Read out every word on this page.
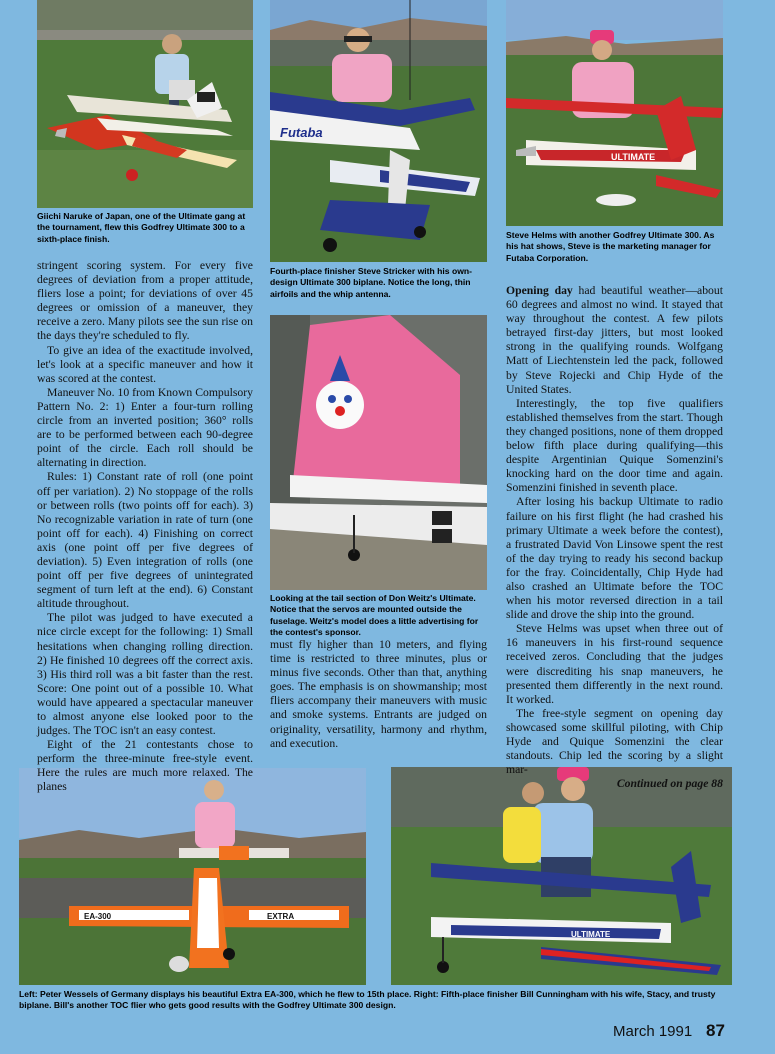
Futaba
ULTIMATE
EA-300	EXTRA
ULTIMATE
Giichi Naruke of Japan, one of the Ultimate gang at the tournament, flew this Godfrey Ultimate 300 to a sixth-place finish.
Fourth-place finisher Steve Stricker with his own-design Ultimate 300 biplane. Notice the long, thin airfoils and the whip antenna.
Steve Helms with another Godfrey Ultimate 300. As his hat shows, Steve is the marketing manager for Futaba Corporation.
Looking at the tail section of Don Weitz's Ultimate. Notice that the servos are mounted outside the fuselage. Weitz's model does a little advertising for the contest's sponsor.
Left: Peter Wessels of Germany displays his beautiful Extra EA-300, which he flew to 15th place. Right: Fifth-place finisher Bill Cunningham with his wife, Stacy, and trusty biplane. Bill's another TOC flier who gets good results with the Godfrey Ultimate 300 design.

stringent scoring system. For every five degrees of deviation from a proper attitude, fliers lose a point; for deviations of over 45 degrees or omission of a maneuver, they receive a zero. Many pilots see the sun rise on the days they're scheduled to fly.

To give an idea of the exactitude involved, let's look at a specific maneuver and how it was scored at the contest.

Maneuver No. 10 from Known Compulsory Pattern No. 2: 1) Enter a four-turn rolling circle from an inverted position; 360° rolls are to be performed between each 90-degree point of the circle. Each roll should be alternating in direction.

Rules: 1) Constant rate of roll (one point off per variation). 2) No stoppage of the rolls or between rolls (two points off for each). 3) No recognizable variation in rate of turn (one point off for each). 4) Finishing on correct axis (one point off per five degrees of deviation). 5) Even integration of rolls (one point off per five degrees of unintegrated segment of turn left at the end). 6) Constant altitude throughout.

The pilot was judged to have executed a nice circle except for the following: 1) Small hesitations when changing rolling direction. 2) He finished 10 degrees off the correct axis. 3) His third roll was a bit faster than the rest. Score: One point out of a possible 10. What would have appeared a spectacular maneuver to almost anyone else looked poor to the judges. The TOC isn't an easy contest.

Eight of the 21 contestants chose to perform the three-minute free-style event. Here the rules are much more relaxed. The planes

must fly higher than 10 meters, and flying time is restricted to three minutes, plus or minus five seconds. Other than that, anything goes. The emphasis is on showmanship; most fliers accompany their maneuvers with music and smoke systems. Entrants are judged on originality, versatility, harmony and rhythm, and execution.

Opening day had beautiful weather—about 60 degrees and almost no wind. It stayed that way throughout the contest. A few pilots betrayed first-day jitters, but most looked strong in the qualifying rounds. Wolfgang Matt of Liechtenstein led the pack, followed by Steve Rojecki and Chip Hyde of the United States.

Interestingly, the top five qualifiers established themselves from the start. Though they changed positions, none of them dropped below fifth place during qualifying—this despite Argentinian Quique Somenzini's knocking hard on the door time and again. Somenzini finished in seventh place.

After losing his backup Ultimate to radio failure on his first flight (he had crashed his primary Ultimate a week before the contest), a frustrated David Von Linsowe spent the rest of the day trying to ready his second backup for the fray. Coincidentally, Chip Hyde had also crashed an Ultimate before the TOC when his motor reversed direction in a tail slide and drove the ship into the ground.

Steve Helms was upset when three out of 16 maneuvers in his first-round sequence received zeros. Concluding that the judges were discrediting his snap maneuvers, he presented them differently in the next round. It worked.

The free-style segment on opening day showcased some skillful piloting, with Chip Hyde and Quique Somenzini the clear standouts. Chip led the scoring by a slight mar-

Continued on page 88

March 1991 87
